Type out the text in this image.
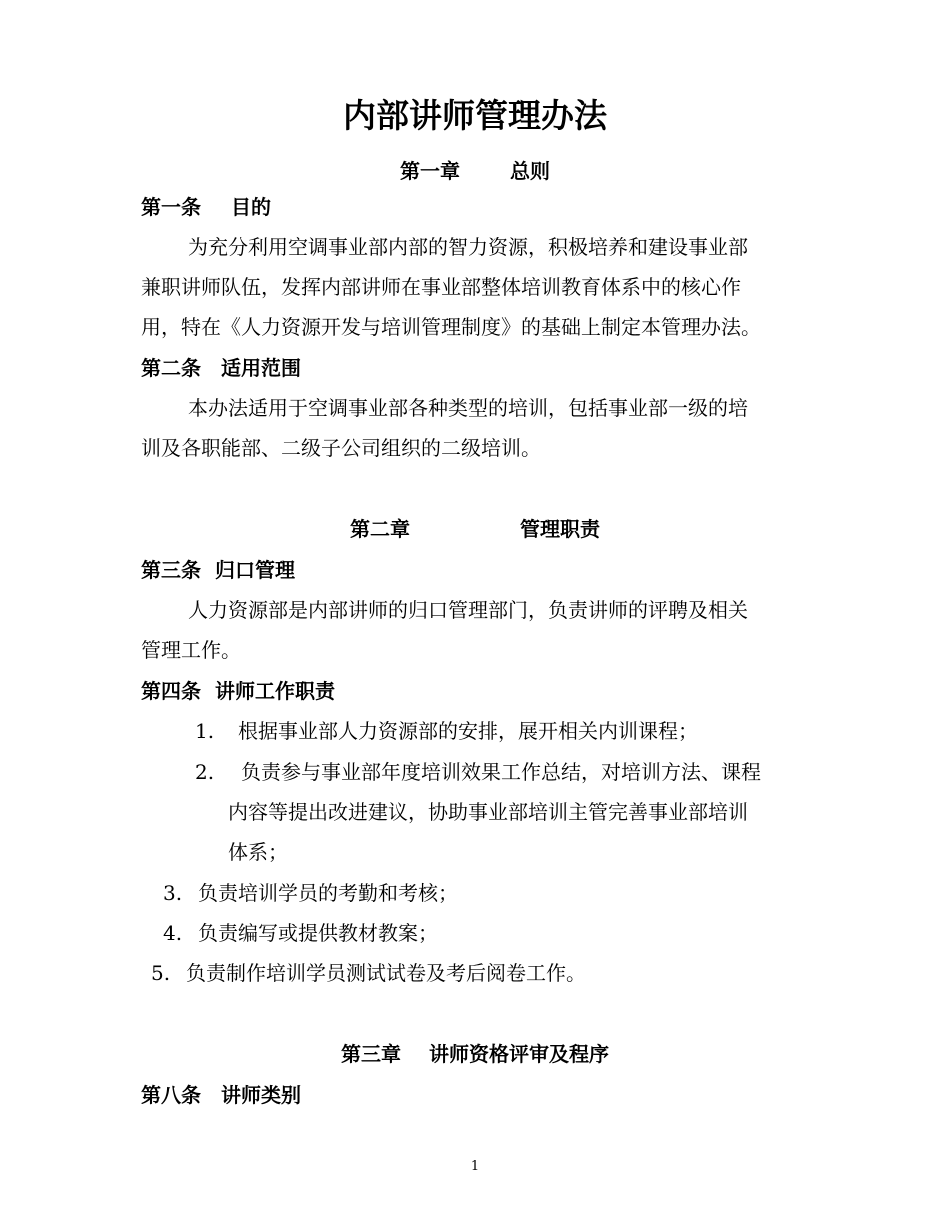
内部讲师管理办法
第一章	总则
第一条 目的
为充分利用空调事业部内部的智力资源，积极培养和建设事业部
兼职讲师队伍，发挥内部讲师在事业部整体培训教育体系中的核心作
用，特在《人力资源开发与培训管理制度》的基础上制定本管理办法。
第二条 适用范围
本办法适用于空调事业部各种类型的培训，包括事业部一级的培
训及各职能部、二级子公司组织的二级培训。
第二章	管理职责
第三条 归口管理
人力资源部是内部讲师的归口管理部门，负责讲师的评聘及相关
管理工作。
第四条 讲师工作职责
1. 根据事业部人力资源部的安排，展开相关内训课程；
2. 负责参与事业部年度培训效果工作总结，对培训方法、课程
内容等提出改进建议，协助事业部培训主管完善事业部培训
体系；
3. 负责培训学员的考勤和考核；
4. 负责编写或提供教材教案；
5. 负责制作培训学员测试试卷及考后阅卷工作。
第三章 讲师资格评审及程序
第八条 讲师类别
1
